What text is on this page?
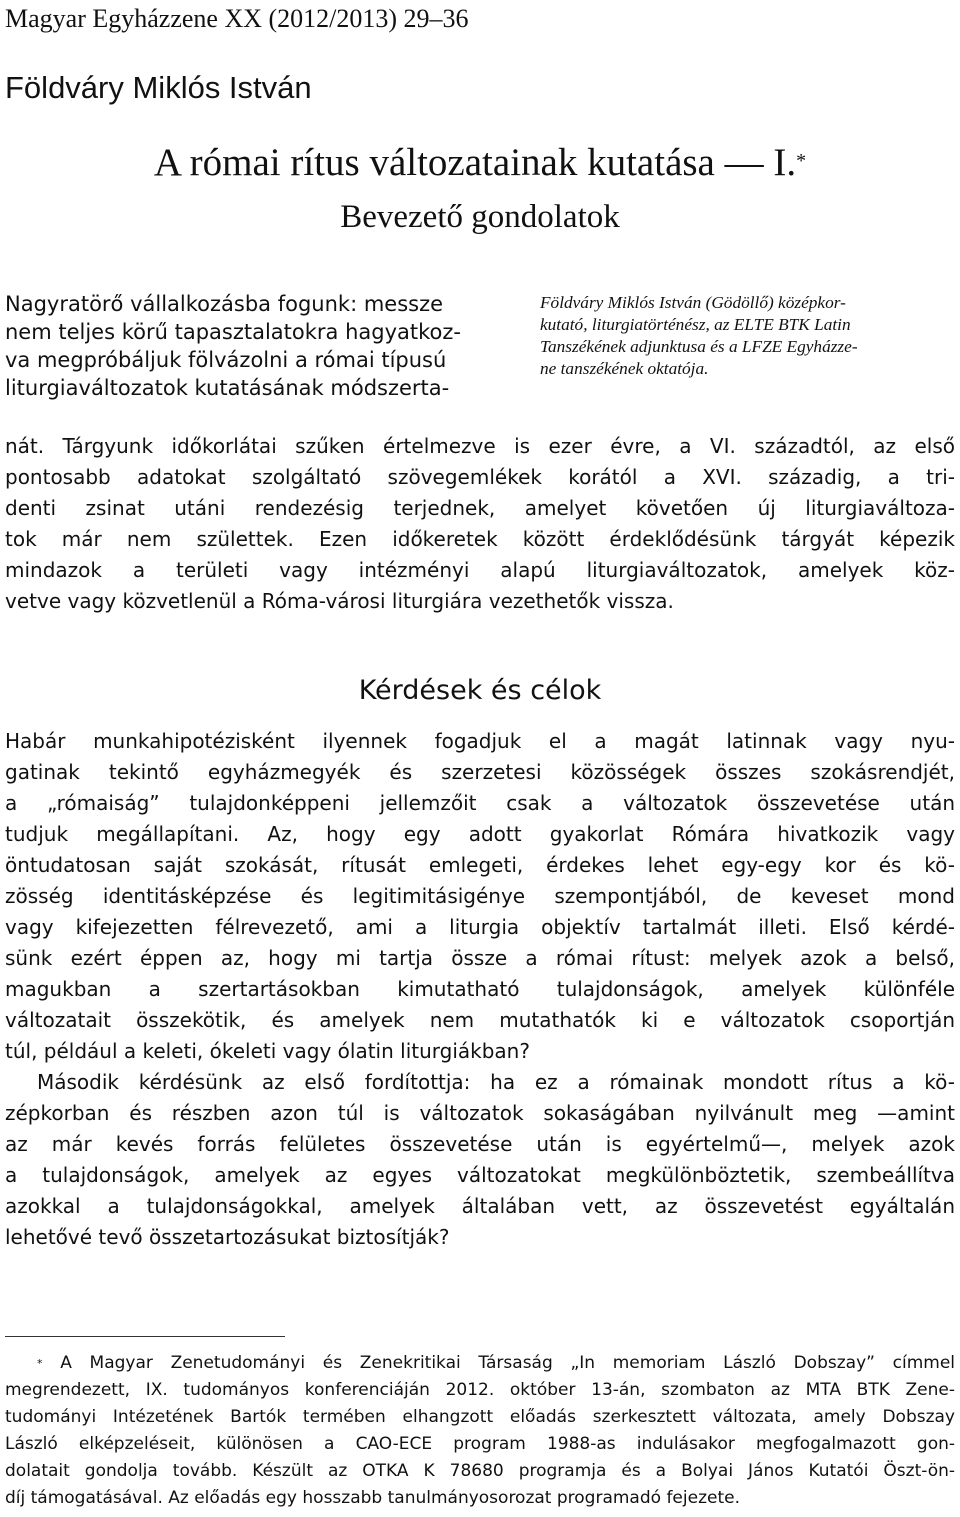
Magyar Egyházzene XX (2012/2013) 29–36
Földváry Miklós István
A római rítus változatainak kutatása — I.*
Bevezető gondolatok
Nagyratörő vállalkozásba fogunk: messze
nem teljes körű tapasztalatokra hagyatkoz-
va megpróbáljuk fölvázolni a római típusú
liturgiaváltozatok kutatásának módszerta-
Földváry Miklós István (Gödöllő) középkor-
kutató, liturgiatörténész, az ELTE BTK Latin
Tanszékének adjunktusa és a LFZE Egyházze-
ne tanszékének oktatója.
nát. Tárgyunk időkorlátai szűken értelmezve is ezer évre, a VI. századtól, az első
pontosabb adatokat szolgáltató szövegemlékek korától a XVI. századig, a tri-
denti zsinat utáni rendezésig terjednek, amelyet követően új liturgiaváltoza-
tok már nem születtek. Ezen időkeretek között érdeklődésünk tárgyát képezik
mindazok a területi vagy intézményi alapú liturgiaváltozatok, amelyek köz-
vetve vagy közvetlenül a Róma-városi liturgiára vezethetők vissza.
Kérdések és célok
Habár munkahipotézisként ilyennek fogadjuk el a magát latinnak vagy nyu-
gatinak tekintő egyházmegyék és szerzetesi közösségek összes szokásrendjét,
a „rómaiság” tulajdonképpeni jellemzőit csak a változatok összevetése után
tudjuk megállapítani. Az, hogy egy adott gyakorlat Rómára hivatkozik vagy
öntudatosan saját szokását, rítusát emlegeti, érdekes lehet egy-egy kor és kö-
zösség identitásképzése és legitimitásigénye szempontjából, de keveset mond
vagy kifejezetten félrevezető, ami a liturgia objektív tartalmát illeti. Első kérdé-
sünk ezért éppen az, hogy mi tartja össze a római rítust: melyek azok a belső,
magukban a szertartásokban kimutatható tulajdonságok, amelyek különféle
változatait összekötik, és amelyek nem mutathatók ki e változatok csoportján
túl, például a keleti, ókeleti vagy ólatin liturgiákban?
Második kérdésünk az első fordítottja: ha ez a rómainak mondott rítus a kö-
zépkorban és részben azon túl is változatok sokaságában nyilvánult meg —amint
az már kevés forrás felületes összevetése után is egyértelmű—, melyek azok
a tulajdonságok, amelyek az egyes változatokat megkülönböztetik, szembeállítva
azokkal a tulajdonságokkal, amelyek általában vett, az összevetést egyáltalán
lehetővé tevő összetartozásukat biztosítják?
* A Magyar Zenetudományi és Zenekritikai Társaság „In memoriam László Dobszay” címmel
megrendezett, IX. tudományos konferenciáján 2012. október 13-án, szombaton az MTA BTK Zene-
tudományi Intézetének Bartók termében elhangzott előadás szerkesztett változata, amely Dobszay
László elképzeléseit, különösen a CAO-ECE program 1988-as indulásakor megfogalmazott gon-
dolatait gondolja tovább. Készült az OTKA K 78680 programja és a Bolyai János Kutatói Öszt-ön-
díj támogatásával. Az előadás egy hosszabb tanulmányosorozat programadó fejezete.
